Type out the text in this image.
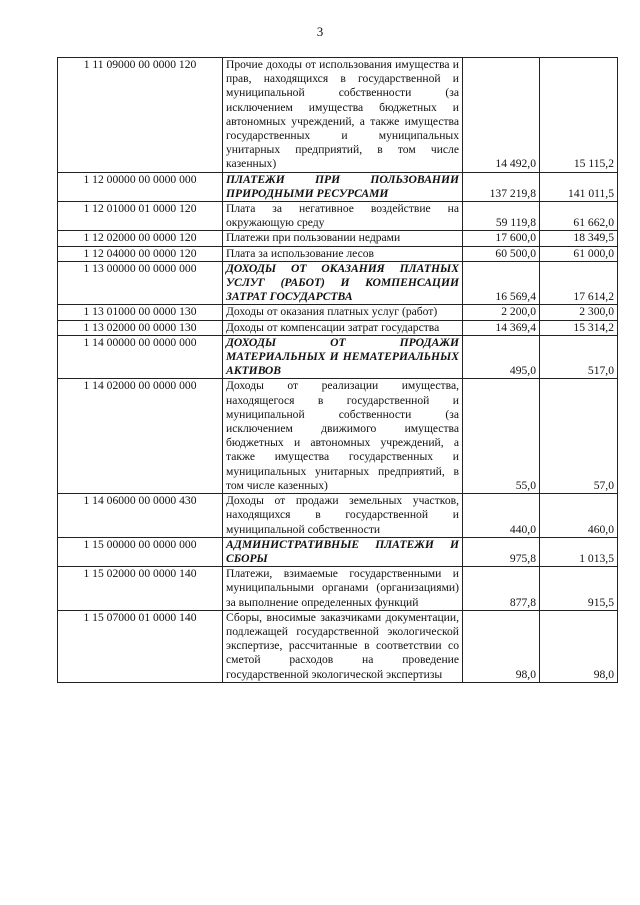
3
1 11 09000 00 0000 120	Прочие доходы от использования имущества и прав, находящихся в государственной и муниципальной собственности (за исключением имущества бюджетных и автономных учреждений, а также имущества государственных и муниципальных унитарных предприятий, в том числе казенных)	14 492,0	15 115,2
1 12 00000 00 0000 000	ПЛАТЕЖИ ПРИ ПОЛЬЗОВАНИИ ПРИРОДНЫМИ РЕСУРСАМИ	137 219,8	141 011,5
1 12 01000 01 0000 120	Плата за негативное воздействие на окружающую среду	59 119,8	61 662,0
1 12 02000 00 0000 120	Платежи при пользовании недрами	17 600,0	18 349,5
1 12 04000 00 0000 120	Плата за использование лесов	60 500,0	61 000,0
1 13 00000 00 0000 000	ДОХОДЫ ОТ ОКАЗАНИЯ ПЛАТНЫХ УСЛУГ (РАБОТ) И КОМПЕНСАЦИИ ЗАТРАТ ГОСУДАРСТВА	16 569,4	17 614,2
1 13 01000 00 0000 130	Доходы от оказания платных услуг (работ)	2 200,0	2 300,0
1 13 02000 00 0000 130	Доходы от компенсации затрат государства	14 369,4	15 314,2
1 14 00000 00 0000 000	ДОХОДЫ ОТ ПРОДАЖИ МАТЕРИАЛЬНЫХ И НЕМАТЕРИАЛЬНЫХ АКТИВОВ	495,0	517,0
1 14 02000 00 0000 000	Доходы от реализации имущества, находящегося в государственной и муниципальной собственности (за исключением движимого имущества бюджетных и автономных учреждений, а также имущества государственных и муниципальных унитарных предприятий, в том числе казенных)	55,0	57,0
1 14 06000 00 0000 430	Доходы от продажи земельных участков, находящихся в государственной и муниципальной собственности	440,0	460,0
1 15 00000 00 0000 000	АДМИНИСТРАТИВНЫЕ ПЛАТЕЖИ И СБОРЫ	975,8	1 013,5
1 15 02000 00 0000 140	Платежи, взимаемые государственными и муниципальными органами (организациями) за выполнение определенных функций	877,8	915,5
1 15 07000 01 0000 140	Сборы, вносимые заказчиками документации, подлежащей государственной экологической экспертизе, рассчитанные в соответствии со сметой расходов на проведение государственной экологической экспертизы	98,0	98,0
